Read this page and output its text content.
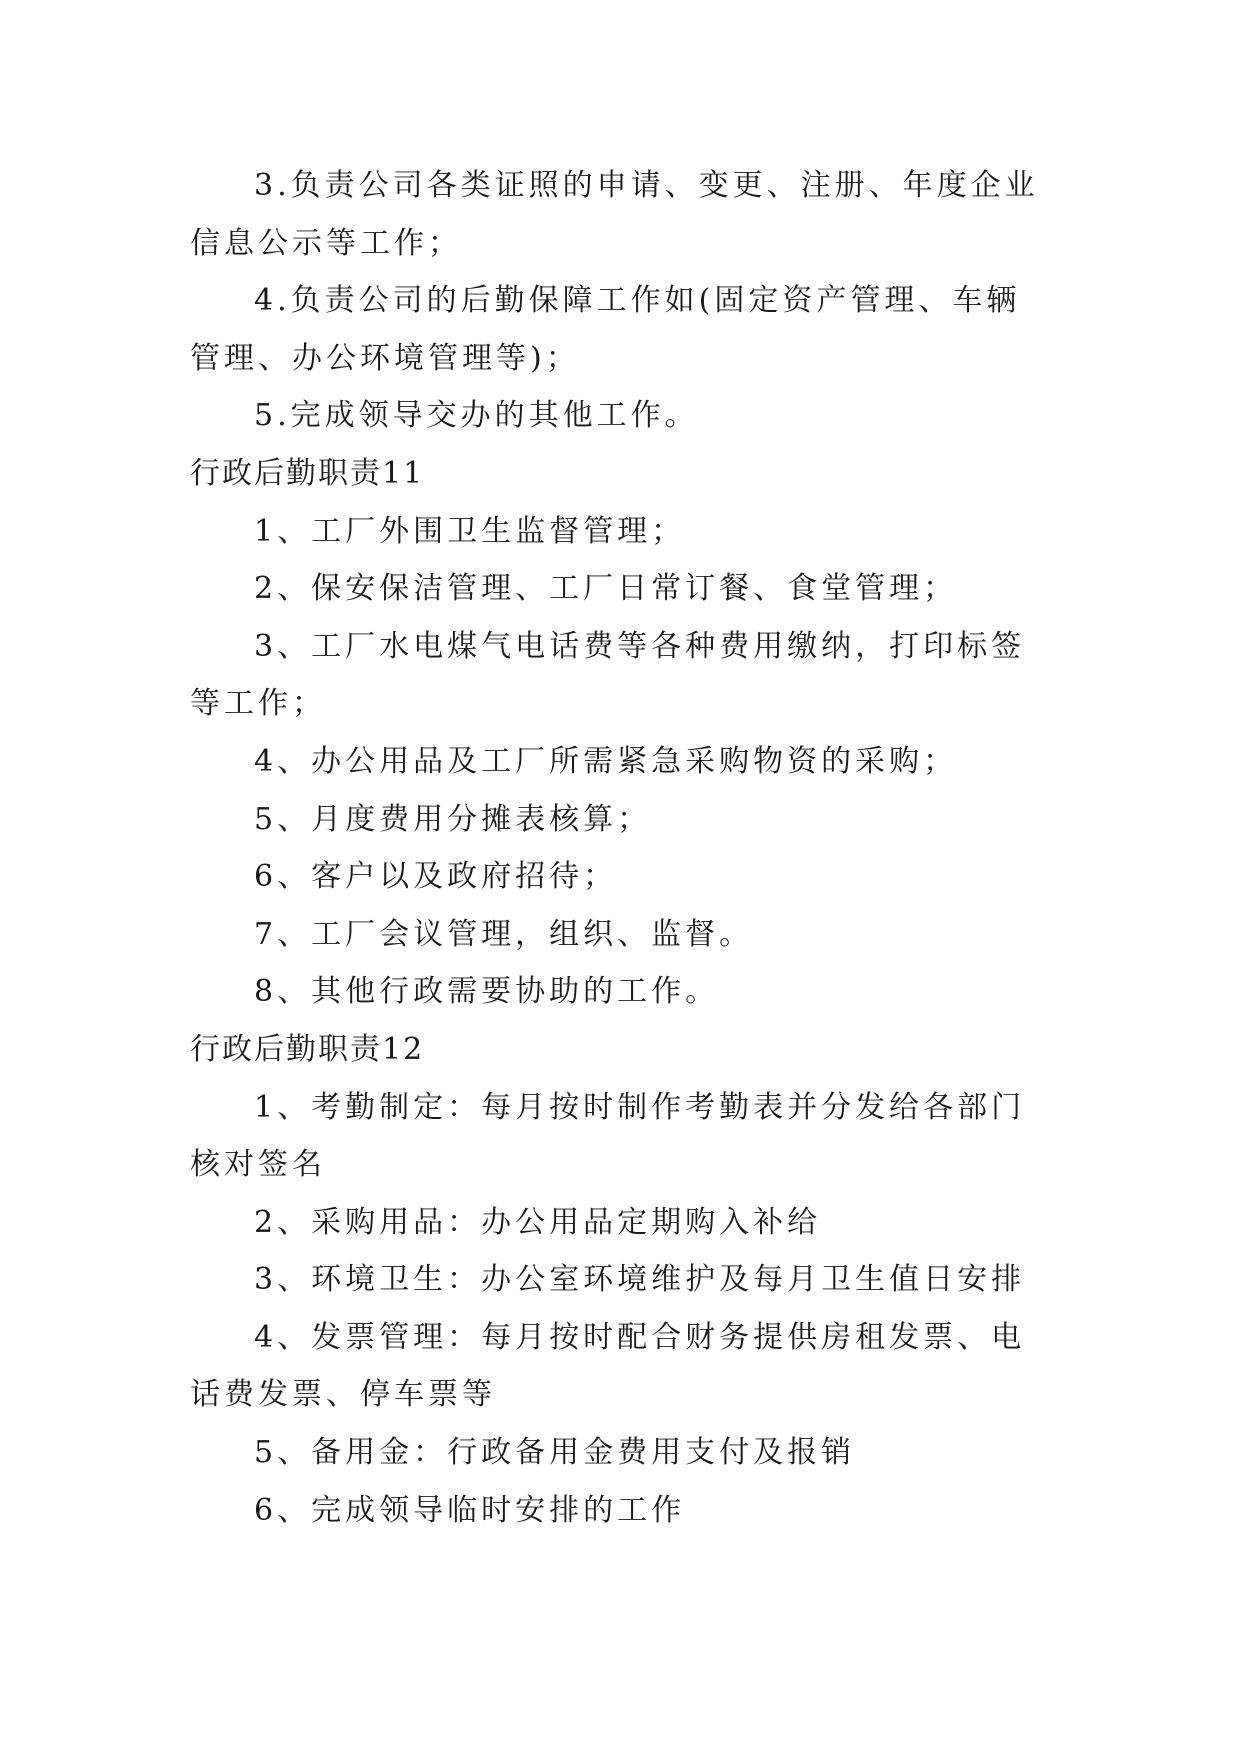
3.负责公司各类证照的申请、变更、注册、年度企业信息公示等工作；

4.负责公司的后勤保障工作如(固定资产管理、车辆管理、办公环境管理等)；

5.完成领导交办的其他工作。

行政后勤职责11

1、工厂外围卫生监督管理；

2、保安保洁管理、工厂日常订餐、食堂管理；

3、工厂水电煤气电话费等各种费用缴纳，打印标签等工作；

4、办公用品及工厂所需紧急采购物资的采购；

5、月度费用分摊表核算；

6、客户以及政府招待；

7、工厂会议管理，组织、监督。

8、其他行政需要协助的工作。

行政后勤职责12

1、考勤制定：每月按时制作考勤表并分发给各部门核对签名

2、采购用品：办公用品定期购入补给

3、环境卫生：办公室环境维护及每月卫生值日安排

4、发票管理：每月按时配合财务提供房租发票、电话费发票、停车票等

5、备用金：行政备用金费用支付及报销

6、完成领导临时安排的工作
